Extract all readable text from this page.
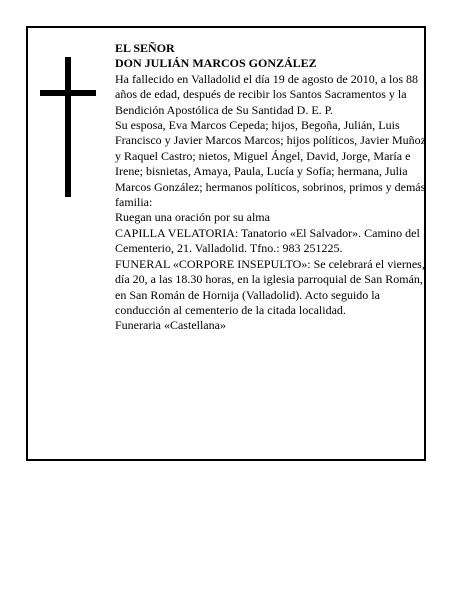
EL SEÑOR

DON JULIÁN MARCOS GONZÁLEZ

Ha fallecido en Valladolid el día 19 de agosto de 2010, a los 88 años de edad, después de recibir los Santos Sacramentos y la Bendición Apostólica de Su Santidad D. E. P.

Su esposa, Eva Marcos Cepeda; hijos, Begoña, Julián, Luis Francisco y Javier Marcos Marcos; hijos políticos, Javier Muñoz y Raquel Castro; nietos, Miguel Ángel, David, Jorge, María e Irene; bisnietas, Amaya, Paula, Lucía y Sofía; hermana, Julia Marcos González; hermanos políticos, sobrinos, primos y demás familia:

Ruegan una oración por su alma

CAPILLA VELATORIA: Tanatorio «El Salvador». Camino del Cementerio, 21. Valladolid. Tfno.: 983 251225.

FUNERAL «CORPORE INSEPULTO»: Se celebrará el viernes, día 20, a las 18.30 horas, en la iglesia parroquial de San Román, en San Román de Hornija (Valladolid). Acto seguido la conducción al cementerio de la citada localidad.

Funeraria «Castellana»
